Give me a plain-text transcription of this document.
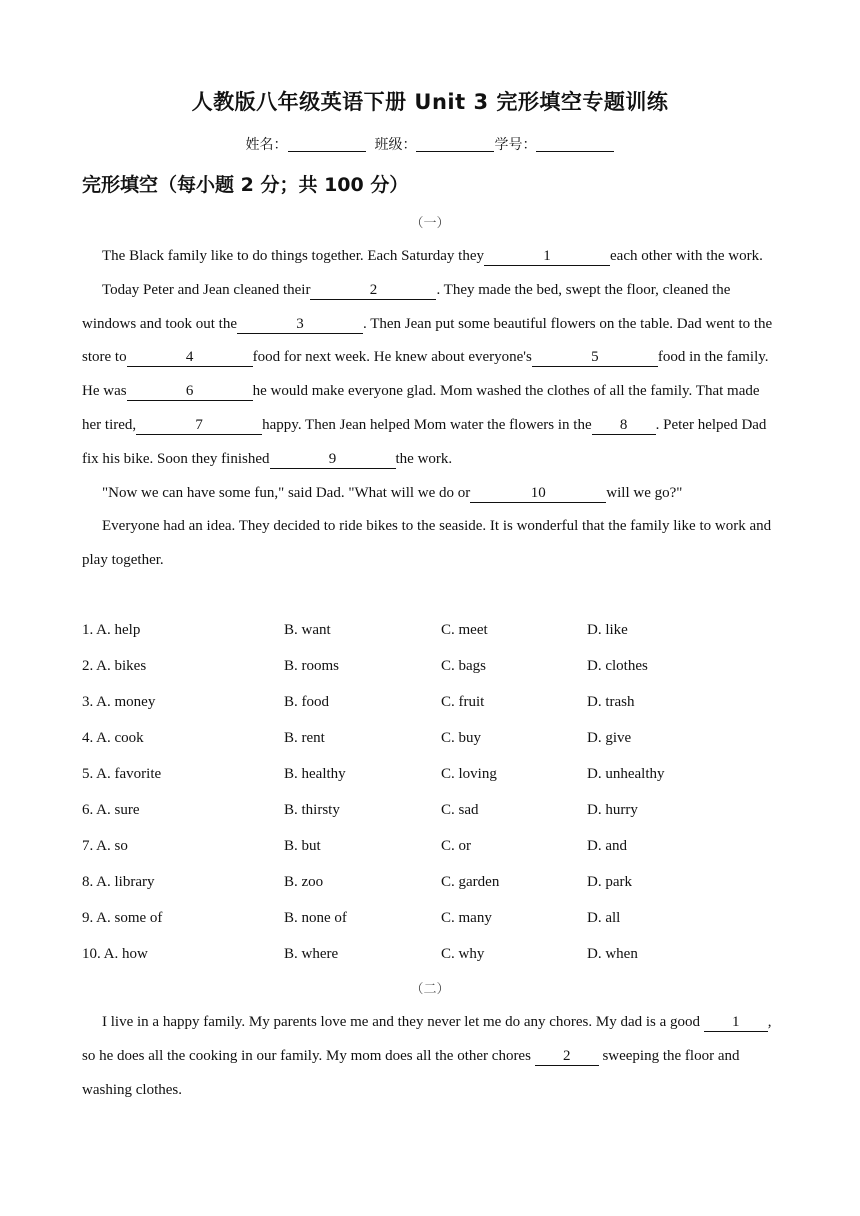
人教版八年级英语下册 Unit 3 完形填空专题训练
姓名：	班级：	学号：
完形填空（每小题 2 分；共 100 分）
（一）

The Black family like to do things together. Each Saturday they	1	each other with the work.

Today Peter and Jean cleaned their	2	. They made the bed, swept the floor, cleaned the windows and took out the	3	. Then Jean put some beautiful flowers on the table. Dad went to the store to	4	food for next week. He knew about everyone's	5	food in the family. He was	6	he would make everyone glad. Mom washed the clothes of all the family. That made her tired,	7	happy. Then Jean helped Mom water the flowers in the 8 . Peter helped Dad fix his bike. Soon they finished	9	the work.

"Now we can have some fun," said Dad. "What will we do or	10	will we go?"

Everyone had an idea. They decided to ride bikes to the seaside. It is wonderful that the family like to work and play together.

1. A. help	B. want	C. meet	D. like
2. A. bikes	B. rooms	C. bags	D. clothes
3. A. money	B. food	C. fruit	D. trash
4. A. cook	B. rent	C. buy	D. give
5. A. favorite	B. healthy	C. loving	D. unhealthy
6. A. sure	B. thirsty	C. sad	D. hurry
7. A. so	B. but	C. or	D. and
8. A. library	B. zoo	C. garden	D. park
9. A. some of	B. none of	C. many	D. all
10. A. how	B. where	C. why	D. when
（二）

I live in a happy family. My parents love me and they never let me do any chores. My dad is a good 1 , so he does all the cooking in our family. My mom does all the other chores 2 sweeping the floor and washing clothes.
